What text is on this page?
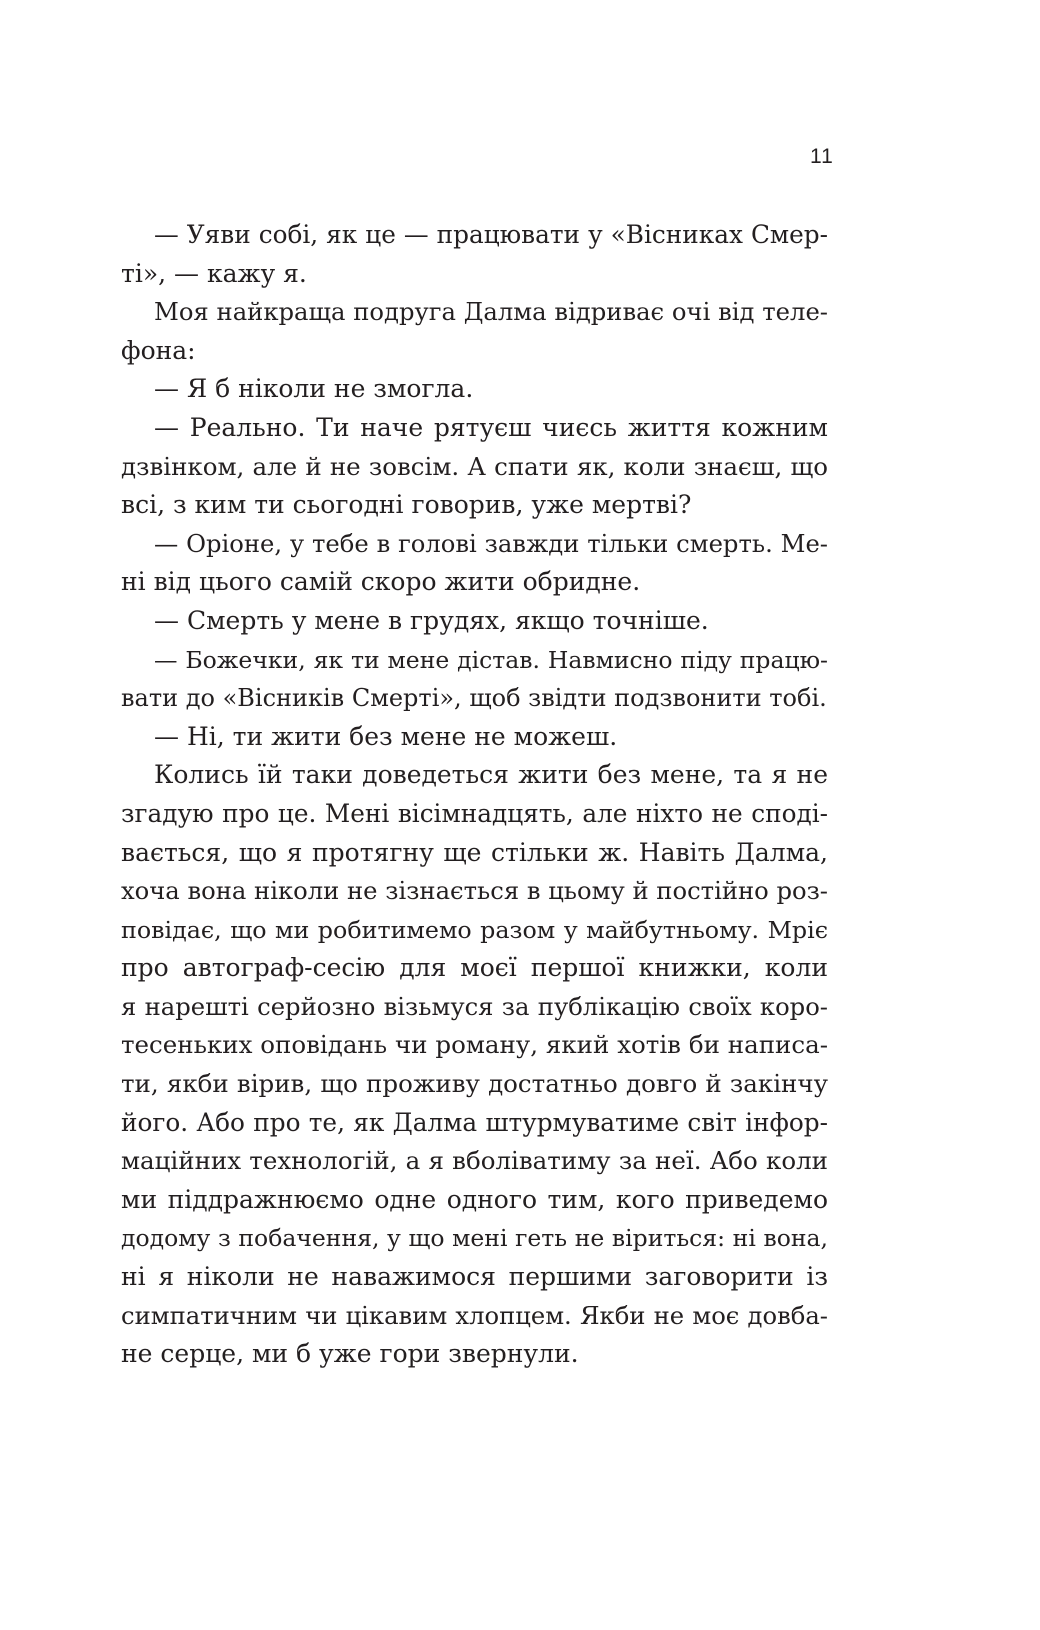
11
— Уяви собі, як це — працювати у «Вісниках Смер-
ті», — кажу я.
Моя найкраща подруга Далма відриває очі від теле-
фона:
— Я б ніколи не змогла.
— Реально. Ти наче рятуєш чиєсь життя кожним
дзвінком, але й не зовсім. А спати як, коли знаєш, що
всі, з ким ти сьогодні говорив, уже мертві?
— Оріоне, у тебе в голові завжди тільки смерть. Ме-
ні від цього самій скоро жити обридне.
— Смерть у мене в грудях, якщо точніше.
— Божечки, як ти мене дістав. Навмисно піду працю-
вати до «Вісників Смерті», щоб звідти подзвонити тобі.
— Ні, ти жити без мене не можеш.
Колись їй таки доведеться жити без мене, та я не
згадую про це. Мені вісімнадцять, але ніхто не споді-
вається, що я протягну ще стільки ж. Навіть Далма,
хоча вона ніколи не зізнається в цьому й постійно роз-
повідає, що ми робитимемо разом у майбутньому. Мріє
про автограф-сесію для моєї першої книжки, коли
я нарешті серйозно візьмуся за публікацію своїх коро-
тесеньких оповідань чи роману, який хотів би написа-
ти, якби вірив, що проживу достатньо довго й закінчу
його. Або про те, як Далма штурмуватиме світ інфор-
маційних технологій, а я вболіватиму за неї. Або коли
ми піддражнюємо одне одного тим, кого приведемо
додому з побачення, у що мені геть не віриться: ні вона,
ні я ніколи не наважимося першими заговорити із
симпатичним чи цікавим хлопцем. Якби не моє довба-
не серце, ми б уже гори звернули.
